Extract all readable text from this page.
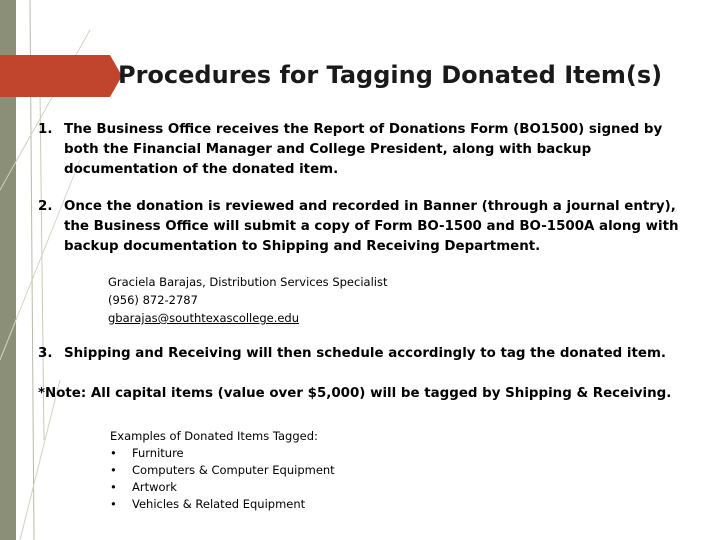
Procedures for Tagging Donated Item(s)
1. The Business Office receives the Report of Donations Form (BO1500) signed by both the Financial Manager and College President, along with backup documentation of the donated item.
2. Once the donation is reviewed and recorded in Banner (through a journal entry), the Business Office will submit a copy of Form BO-1500 and BO-1500A along with backup documentation to Shipping and Receiving Department.
Graciela Barajas, Distribution Services Specialist
(956) 872-2787
gbarajas@southtexascollege.edu
3. Shipping and Receiving will then schedule accordingly to tag the donated item.
*Note: All capital items (value over $5,000) will be tagged by Shipping & Receiving.
Examples of Donated Items Tagged:
• Furniture
• Computers & Computer Equipment
• Artwork
• Vehicles & Related Equipment
